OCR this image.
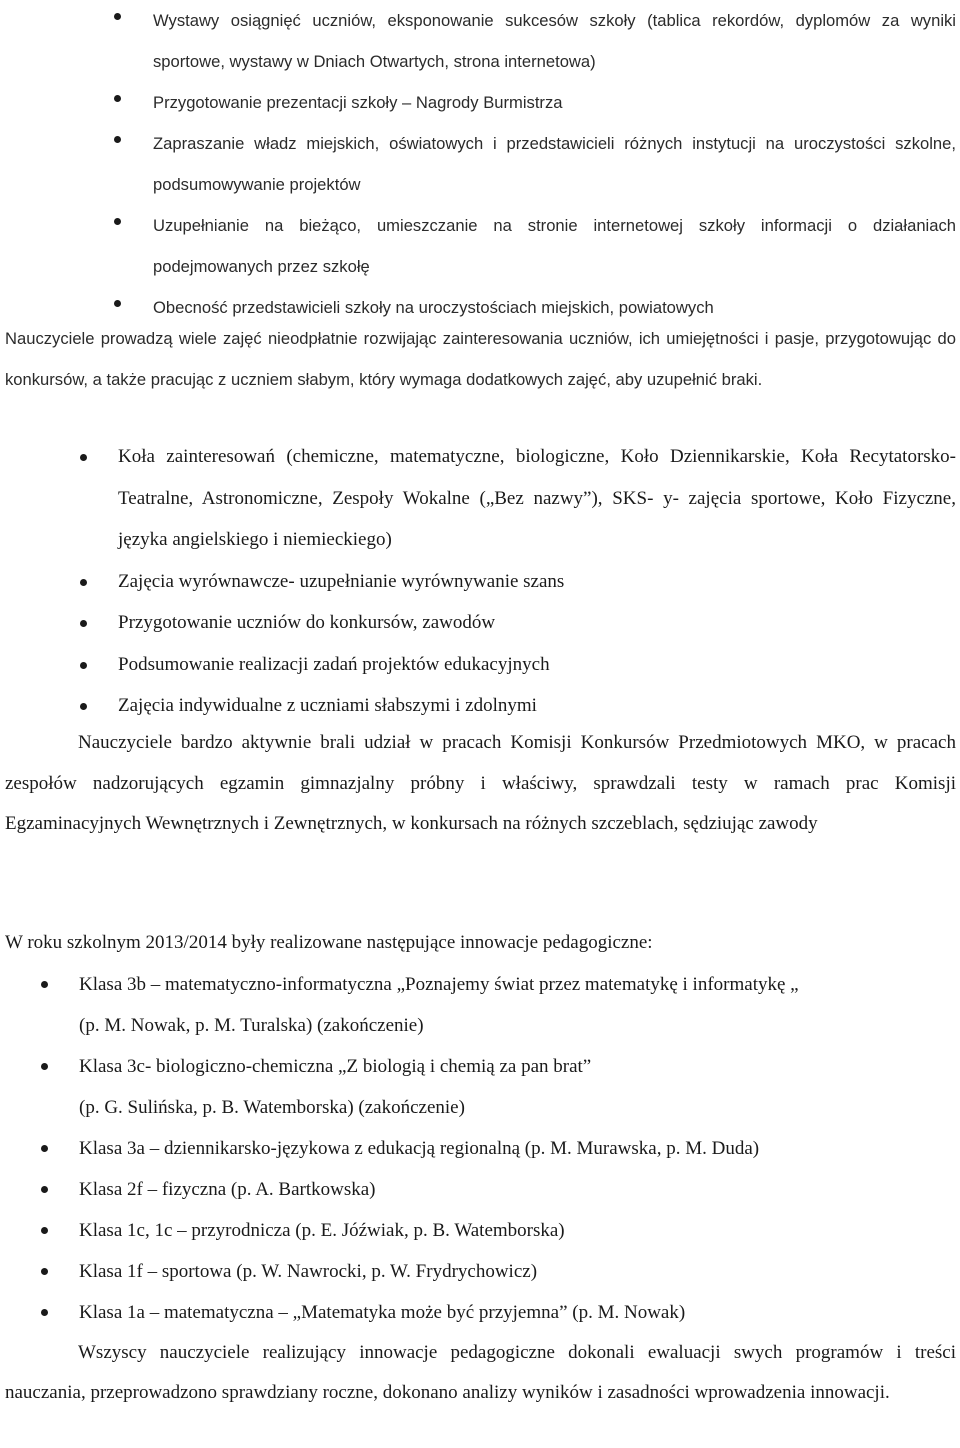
Wystawy osiągnięć uczniów, eksponowanie sukcesów szkoły (tablica rekordów, dyplomów za wyniki sportowe, wystawy w Dniach Otwartych, strona internetowa)
Przygotowanie prezentacji szkoły – Nagrody Burmistrza
Zapraszanie władz miejskich, oświatowych i przedstawicieli różnych instytucji na uroczystości szkolne, podsumowywanie projektów
Uzupełnianie na bieżąco, umieszczanie na stronie internetowej szkoły informacji o działaniach podejmowanych przez szkołę
Obecność przedstawicieli szkoły na uroczystościach miejskich, powiatowych

Nauczyciele prowadzą wiele zajęć nieodpłatnie rozwijając zainteresowania uczniów, ich umiejętności i pasje, przygotowując do konkursów, a także pracując z uczniem słabym, który wymaga dodatkowych zajęć, aby uzupełnić braki.

Koła zainteresowań (chemiczne, matematyczne, biologiczne, Koło Dziennikarskie, Koła Recytatorsko- Teatralne, Astronomiczne, Zespoły Wokalne („Bez nazwy”), SKS- y- zajęcia sportowe, Koło Fizyczne, języka angielskiego i niemieckiego)
Zajęcia wyrównawcze- uzupełnianie wyrównywanie szans
Przygotowanie uczniów do konkursów, zawodów
Podsumowanie realizacji zadań projektów edukacyjnych
Zajęcia indywidualne z uczniami słabszymi i zdolnymi

Nauczyciele bardzo aktywnie brali udział w pracach Komisji Konkursów Przedmiotowych MKO, w pracach zespołów nadzorujących egzamin gimnazjalny próbny i właściwy, sprawdzali testy w ramach prac Komisji Egzaminacyjnych Wewnętrznych i Zewnętrznych, w konkursach na różnych szczeblach, sędziując zawody

W roku szkolnym 2013/2014 były realizowane następujące innowacje pedagogiczne:

Klasa 3b – matematyczno-informatyczna „Poznajemy świat przez matematykę i informatykę „
(p. M. Nowak, p. M. Turalska) (zakończenie)
Klasa 3c- biologiczno-chemiczna „Z biologią i chemią za pan brat”
(p. G. Sulińska, p. B. Watemborska) (zakończenie)
Klasa 3a – dziennikarsko-językowa z edukacją regionalną (p. M. Murawska, p. M. Duda)
Klasa 2f – fizyczna (p. A. Bartkowska)
Klasa 1c, 1c – przyrodnicza (p. E. Jóźwiak, p. B. Watemborska)
Klasa 1f – sportowa (p. W. Nawrocki, p. W. Frydrychowicz)
Klasa 1a – matematyczna – „Matematyka może być przyjemna” (p. M. Nowak)

Wszyscy nauczyciele realizujący innowacje pedagogiczne dokonali ewaluacji swych programów i treści nauczania, przeprowadzono sprawdziany roczne, dokonano analizy wyników i zasadności wprowadzenia innowacji.
